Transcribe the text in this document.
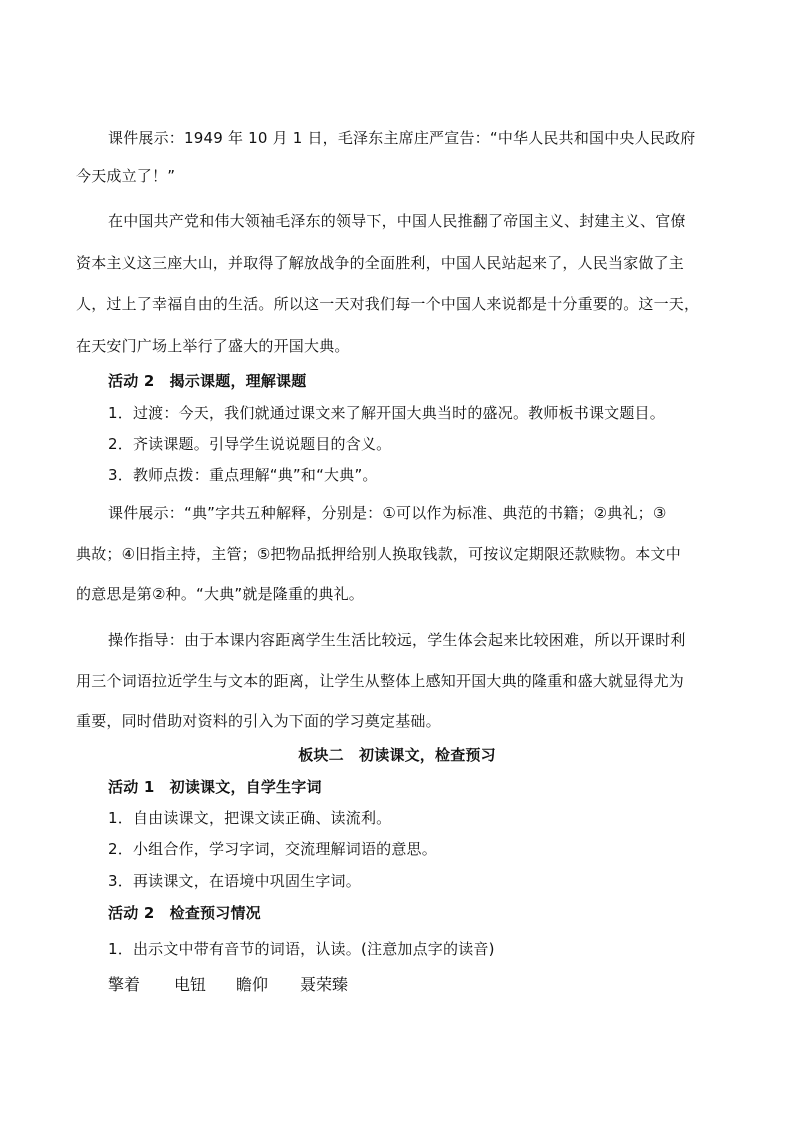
课件展示：1949 年 10 月 1 日，毛泽东主席庄严宣告：“中华人民共和国中央人民政府
今天成立了！”
在中国共产党和伟大领袖毛泽东的领导下，中国人民推翻了帝国主义、封建主义、官僚
资本主义这三座大山，并取得了解放战争的全面胜利，中国人民站起来了，人民当家做了主
人，过上了幸福自由的生活。所以这一天对我们每一个中国人来说都是十分重要的。这一天，
在天安门广场上举行了盛大的开国大典。
活动 2　揭示课题，理解课题
1．过渡：今天，我们就通过课文来了解开国大典当时的盛况。教师板书课文题目。
2．齐读课题。引导学生说说题目的含义。
3．教师点拨：重点理解“典”和“大典”。
课件展示：“典”字共五种解释，分别是：①可以作为标准、典范的书籍；②典礼；③
典故；④旧指主持，主管；⑤把物品抵押给别人换取钱款，可按议定期限还款赎物。本文中
的意思是第②种。“大典”就是隆重的典礼。
操作指导：由于本课内容距离学生生活比较远，学生体会起来比较困难，所以开课时利
用三个词语拉近学生与文本的距离，让学生从整体上感知开国大典的隆重和盛大就显得尤为
重要，同时借助对资料的引入为下面的学习奠定基础。
板块二　初读课文，检查预习
活动 1　初读课文，自学生字词
1．自由读课文，把课文读正确、读流利。
2．小组合作，学习字词，交流理解词语的意思。
3．再读课文，在语境中巩固生字词。
活动 2　检查预习情况
1．出示文中带有音节的词语，认读。(注意加点字的读音)
擎着 电钮 瞻仰 聂荣臻
